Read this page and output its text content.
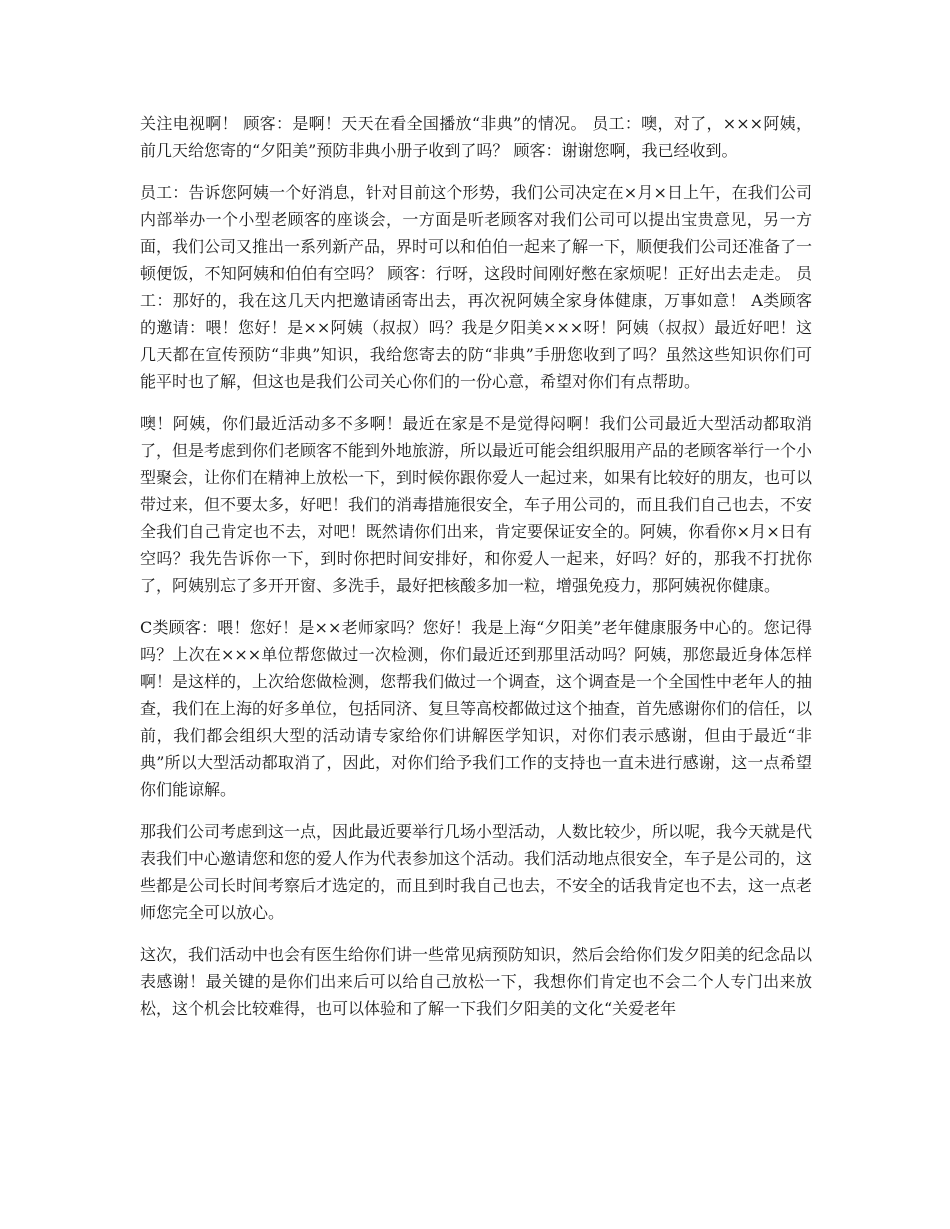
关注电视啊！ 顾客：是啊！天天在看全国播放“非典”的情况。 员工：噢，对了，×××阿姨，前几天给您寄的“夕阳美”预防非典小册子收到了吗？ 顾客：谢谢您啊，我已经收到。

员工：告诉您阿姨一个好消息，针对目前这个形势，我们公司决定在×月×日上午，在我们公司内部举办一个小型老顾客的座谈会，一方面是听老顾客对我们公司可以提出宝贵意见，另一方面，我们公司又推出一系列新产品，界时可以和伯伯一起来了解一下，顺便我们公司还准备了一顿便饭，不知阿姨和伯伯有空吗？ 顾客：行呀，这段时间刚好憋在家烦呢！正好出去走走。 员工：那好的，我在这几天内把邀请函寄出去，再次祝阿姨全家身体健康，万事如意！ A类顾客的邀请：喂！您好！是××阿姨（叔叔）吗？我是夕阳美×××呀！阿姨（叔叔）最近好吧！这几天都在宣传预防“非典”知识，我给您寄去的防“非典”手册您收到了吗？虽然这些知识你们可能平时也了解，但这也是我们公司关心你们的一份心意，希望对你们有点帮助。

噢！阿姨，你们最近活动多不多啊！最近在家是不是觉得闷啊！我们公司最近大型活动都取消了，但是考虑到你们老顾客不能到外地旅游，所以最近可能会组织服用产品的老顾客举行一个小型聚会，让你们在精神上放松一下，到时候你跟你爱人一起过来，如果有比较好的朋友，也可以带过来，但不要太多，好吧！我们的消毒措施很安全，车子用公司的，而且我们自己也去，不安全我们自己肯定也不去，对吧！既然请你们出来，肯定要保证安全的。阿姨，你看你×月×日有空吗？我先告诉你一下，到时你把时间安排好，和你爱人一起来，好吗？好的，那我不打扰你了，阿姨别忘了多开开窗、多洗手，最好把核酸多加一粒，增强免疫力，那阿姨祝你健康。

C类顾客：喂！您好！是××老师家吗？您好！我是上海“夕阳美”老年健康服务中心的。您记得吗？上次在×××单位帮您做过一次检测，你们最近还到那里活动吗？阿姨，那您最近身体怎样啊！是这样的，上次给您做检测，您帮我们做过一个调查，这个调查是一个全国性中老年人的抽查，我们在上海的好多单位，包括同济、复旦等高校都做过这个抽查，首先感谢你们的信任，以前，我们都会组织大型的活动请专家给你们讲解医学知识，对你们表示感谢，但由于最近“非典”所以大型活动都取消了，因此，对你们给予我们工作的支持也一直未进行感谢，这一点希望你们能谅解。

那我们公司考虑到这一点，因此最近要举行几场小型活动，人数比较少，所以呢，我今天就是代表我们中心邀请您和您的爱人作为代表参加这个活动。我们活动地点很安全，车子是公司的，这些都是公司长时间考察后才选定的，而且到时我自己也去，不安全的话我肯定也不去，这一点老师您完全可以放心。

这次，我们活动中也会有医生给你们讲一些常见病预防知识，然后会给你们发夕阳美的纪念品以表感谢！最关键的是你们出来后可以给自己放松一下，我想你们肯定也不会二个人专门出来放松，这个机会比较难得，也可以体验和了解一下我们夕阳美的文化“关爱老年
